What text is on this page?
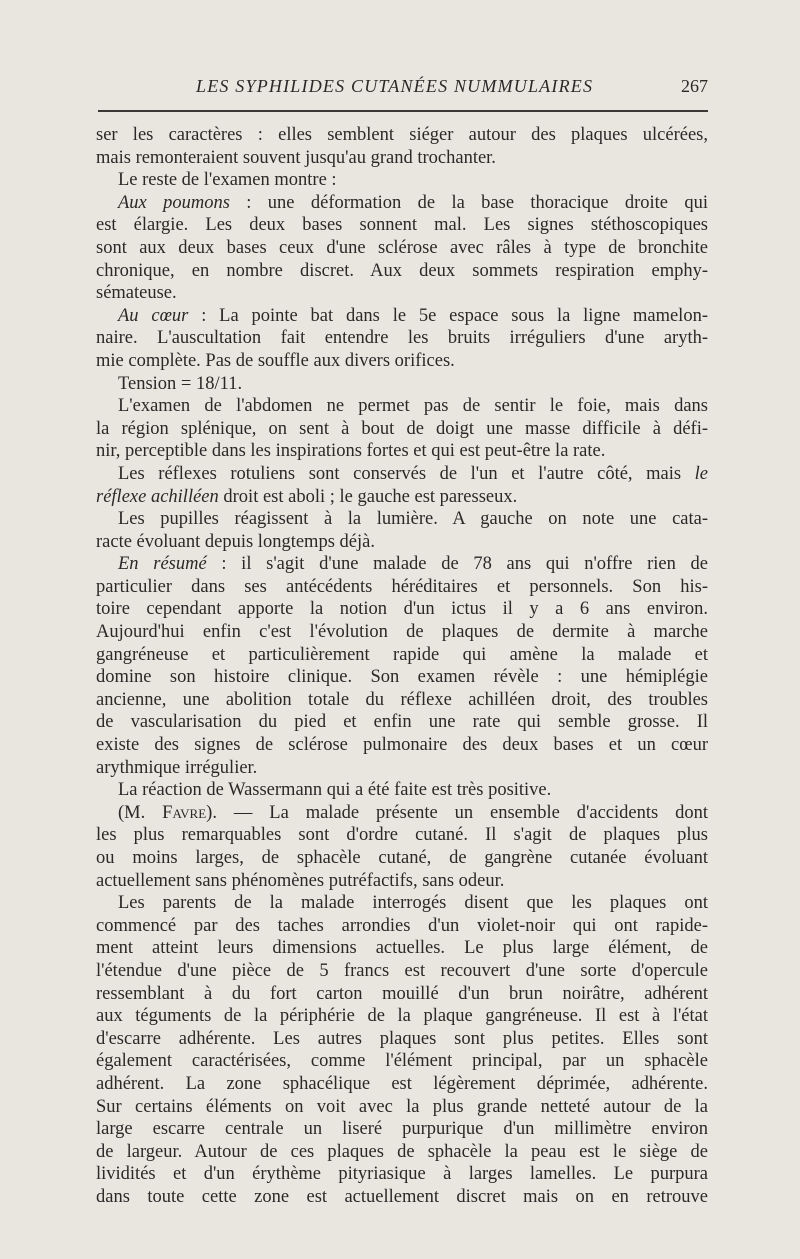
LES SYPHILIDES CUTANÉES NUMMULAIRES	267
ser les caractères : elles semblent siéger autour des plaques ulcérées,
mais remonteraient souvent jusqu'au grand trochanter.
Le reste de l'examen montre :
Aux poumons : une déformation de la base thoracique droite qui
est élargie. Les deux bases sonnent mal. Les signes stéthoscopiques
sont aux deux bases ceux d'une sclérose avec râles à type de bronchite
chronique, en nombre discret. Aux deux sommets respiration emphy-
sémateuse.
Au cœur : La pointe bat dans le 5e espace sous la ligne mamelon-
naire. L'auscultation fait entendre les bruits irréguliers d'une aryth-
mie complète. Pas de souffle aux divers orifices.
Tension = 18/11.
L'examen de l'abdomen ne permet pas de sentir le foie, mais dans
la région splénique, on sent à bout de doigt une masse difficile à défi-
nir, perceptible dans les inspirations fortes et qui est peut-être la rate.
Les réflexes rotuliens sont conservés de l'un et l'autre côté, mais le
réflexe achilléen droit est aboli ; le gauche est paresseux.
Les pupilles réagissent à la lumière. A gauche on note une cata-
racte évoluant depuis longtemps déjà.
En résumé : il s'agit d'une malade de 78 ans qui n'offre rien de
particulier dans ses antécédents héréditaires et personnels. Son his-
toire cependant apporte la notion d'un ictus il y a 6 ans environ.
Aujourd'hui enfin c'est l'évolution de plaques de dermite à marche
gangréneuse et particulièrement rapide qui amène la malade et
domine son histoire clinique. Son examen révèle : une hémiplégie
ancienne, une abolition totale du réflexe achilléen droit, des troubles
de vascularisation du pied et enfin une rate qui semble grosse. Il
existe des signes de sclérose pulmonaire des deux bases et un cœur
arythmique irrégulier.
La réaction de Wassermann qui a été faite est très positive.
(M. Favre). — La malade présente un ensemble d'accidents dont
les plus remarquables sont d'ordre cutané. Il s'agit de plaques plus
ou moins larges, de sphacèle cutané, de gangrène cutanée évoluant
actuellement sans phénomènes putréfactifs, sans odeur.
Les parents de la malade interrogés disent que les plaques ont
commencé par des taches arrondies d'un violet-noir qui ont rapide-
ment atteint leurs dimensions actuelles. Le plus large élément, de
l'étendue d'une pièce de 5 francs est recouvert d'une sorte d'opercule
ressemblant à du fort carton mouillé d'un brun noirâtre, adhérent
aux téguments de la périphérie de la plaque gangréneuse. Il est à l'état
d'escarre adhérente. Les autres plaques sont plus petites. Elles sont
également caractérisées, comme l'élément principal, par un sphacèle
adhérent. La zone sphacélique est légèrement déprimée, adhérente.
Sur certains éléments on voit avec la plus grande netteté autour de la
large escarre centrale un liseré purpurique d'un millimètre environ
de largeur. Autour de ces plaques de sphacèle la peau est le siège de
lividités et d'un érythème pityriasique à larges lamelles. Le purpura
dans toute cette zone est actuellement discret mais on en retrouve
